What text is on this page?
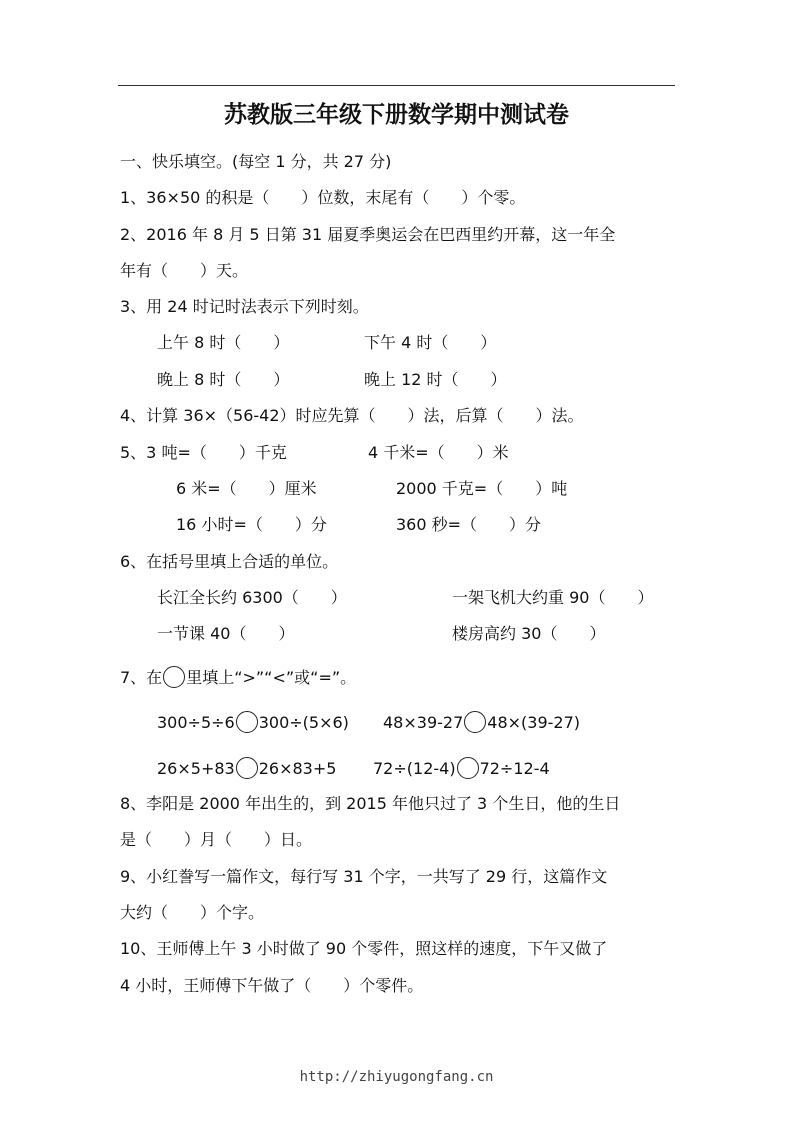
苏教版三年级下册数学期中测试卷
一、快乐填空。(每空 1 分，共 27 分)
1、36×50 的积是（　　）位数，末尾有（　　）个零。
2、2016 年 8 月 5 日第 31 届夏季奥运会在巴西里约开幕，这一年全
年有（　　）天。
3、用 24 时记时法表示下列时刻。
上午 8 时（　　）	下午 4 时（　　）
晚上 8 时（　　）	晚上 12 时（　　）
4、计算 36×（56-42）时应先算（　　）法，后算（　　）法。
5、3 吨=（　　）千克	4 千米=（　　）米
6 米=（　　）厘米	2000 千克=（　　）吨
16 小时=（　　）分	360 秒=（　　）分
6、在括号里填上合适的单位。
长江全长约 6300（　　）	一架飞机大约重 90（　　）
一节课 40（　　）	楼房高约 30（　　）
7、在 里填上“>”“<”或“=”。
300÷5÷6 300÷(5×6) 48×39-27 48×(39-27)
26×5+83 26×83+5 72÷(12-4) 72÷12-4
8、李阳是 2000 年出生的，到 2015 年他只过了 3 个生日，他的生日
是（　　）月（　　）日。
9、小红誊写一篇作文，每行写 31 个字，一共写了 29 行，这篇作文
大约（　　）个字。
10、王师傅上午 3 小时做了 90 个零件，照这样的速度，下午又做了
4 小时，王师傅下午做了（　　）个零件。
http://zhiyugongfang.cn
